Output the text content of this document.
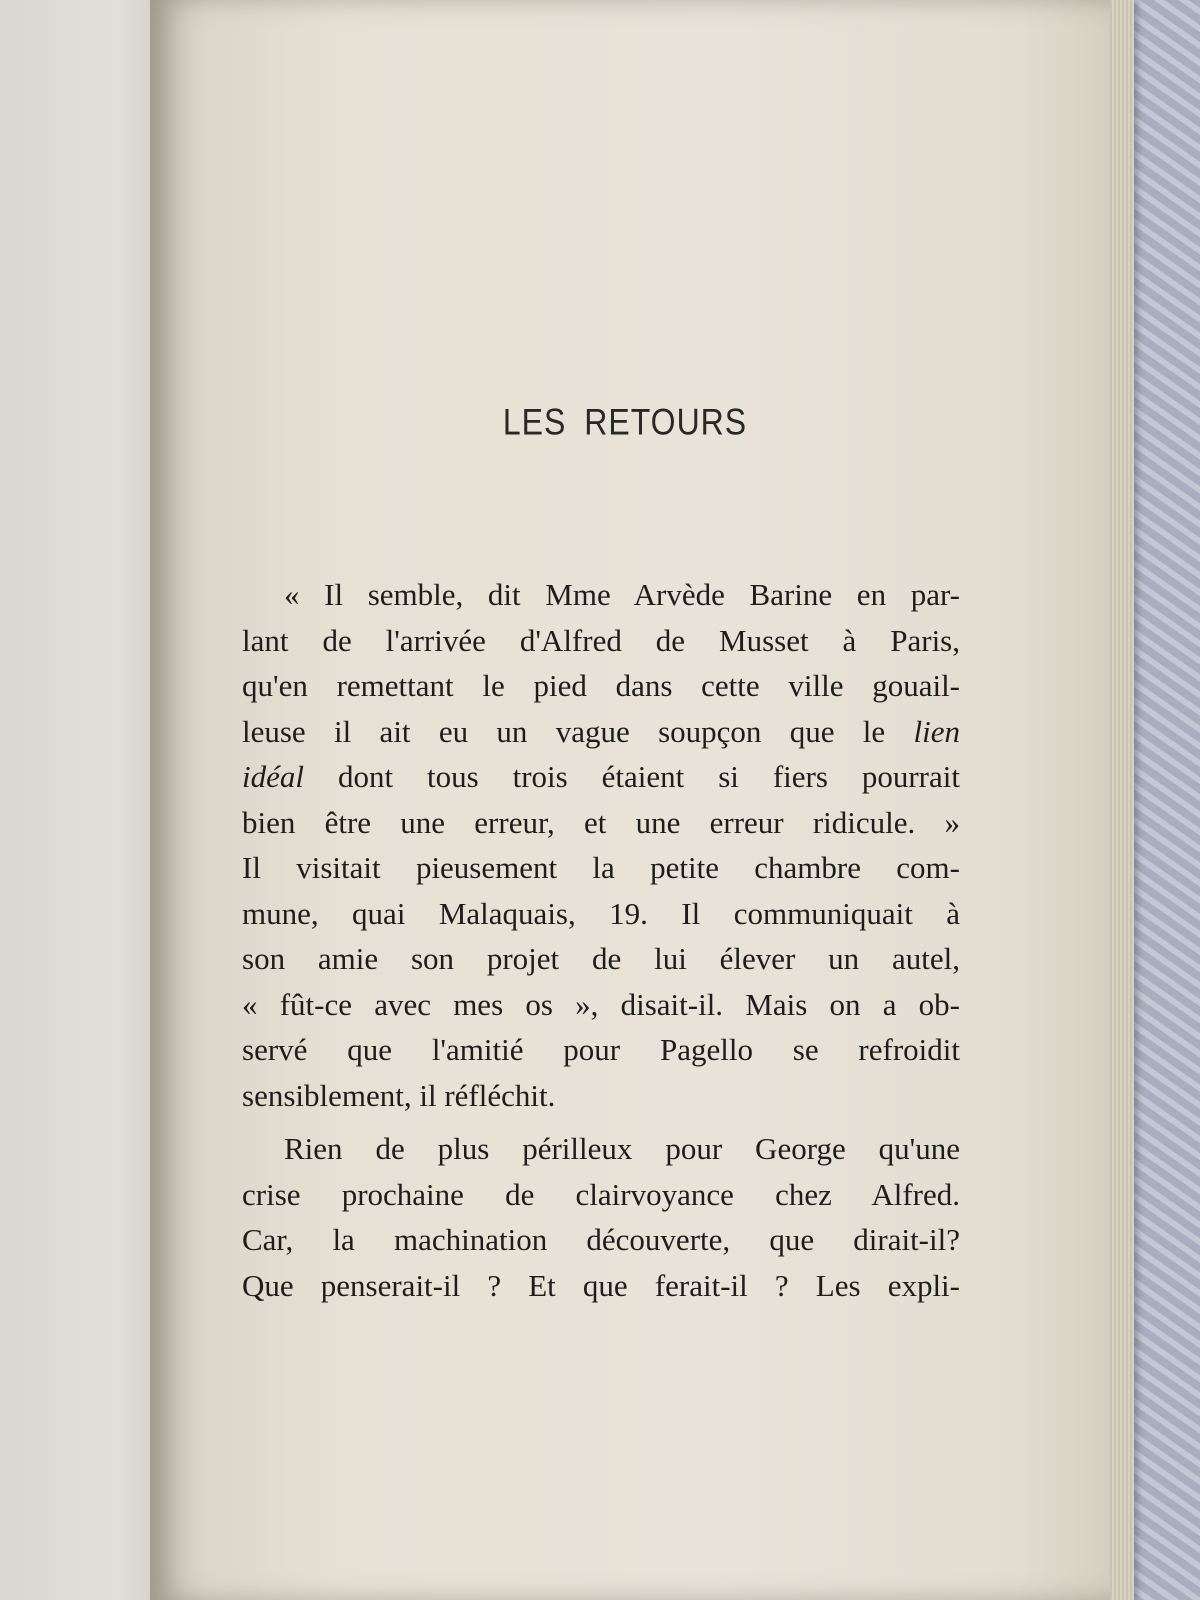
LES RETOURS
« Il semble, dit Mme Arvède Barine en par-
lant de l'arrivée d'Alfred de Musset à Paris,
qu'en remettant le pied dans cette ville gouail-
leuse il ait eu un vague soupçon que le lien
idéal dont tous trois étaient si fiers pourrait
bien être une erreur, et une erreur ridicule. »
Il visitait pieusement la petite chambre com-
mune, quai Malaquais, 19. Il communiquait à
son amie son projet de lui élever un autel,
« fût-ce avec mes os », disait-il. Mais on a ob-
servé que l'amitié pour Pagello se refroidit
sensiblement, il réfléchit.
Rien de plus périlleux pour George qu'une
crise prochaine de clairvoyance chez Alfred.
Car, la machination découverte, que dirait-il?
Que penserait-il ? Et que ferait-il ? Les expli-
